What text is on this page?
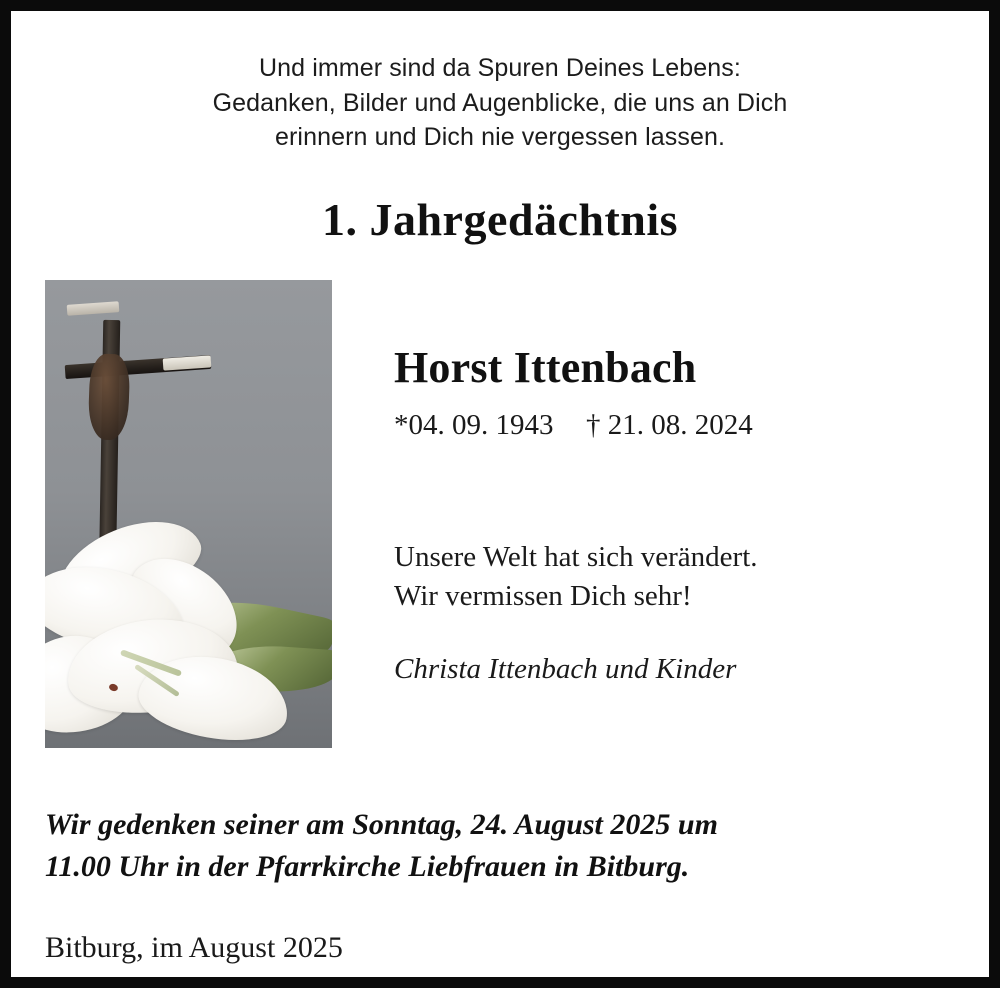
Und immer sind da Spuren Deines Lebens:
Gedanken, Bilder und Augenblicke, die uns an Dich
erinnern und Dich nie vergessen lassen.
1. Jahrgedächtnis
Horst Ittenbach
*04. 09. 1943 † 21. 08. 2024
Unsere Welt hat sich verändert.
Wir vermissen Dich sehr!
Christa Ittenbach und Kinder
Wir gedenken seiner am Sonntag, 24. August 2025 um
11.00 Uhr in der Pfarrkirche Liebfrauen in Bitburg.
Bitburg, im August 2025
